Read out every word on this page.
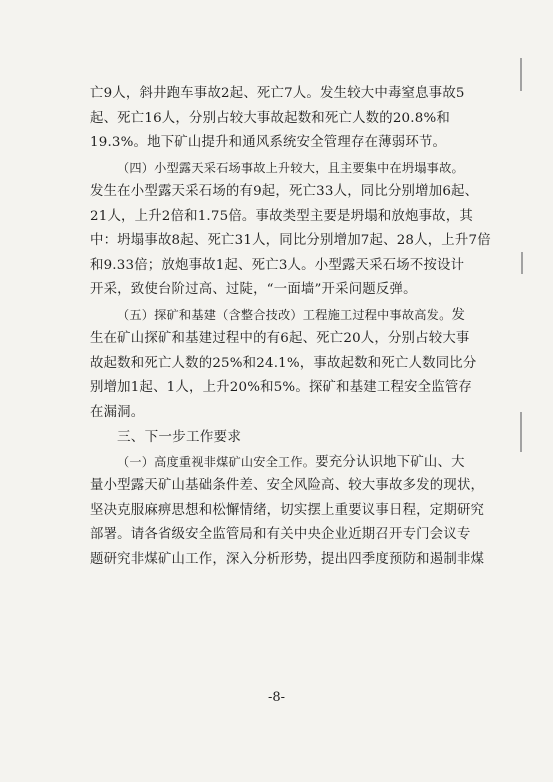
亡9人，斜井跑车事故2起、死亡7人。发生较大中毒窒息事故5
起、死亡16人，分别占较大事故起数和死亡人数的20.8%和
19.3%。地下矿山提升和通风系统安全管理存在薄弱环节。
（四）小型露天采石场事故上升较大，且主要集中在坍塌事故。
发生在小型露天采石场的有9起，死亡33人，同比分别增加6起、
21人，上升2倍和1.75倍。事故类型主要是坍塌和放炮事故，其
中：坍塌事故8起、死亡31人，同比分别增加7起、28人，上升7倍
和9.33倍；放炮事故1起、死亡3人。小型露天采石场不按设计
开采，致使台阶过高、过陡，“一面墙”开采问题反弹。
（五）探矿和基建（含整合技改）工程施工过程中事故高发。发
生在矿山探矿和基建过程中的有6起、死亡20人，分别占较大事
故起数和死亡人数的25%和24.1%，事故起数和死亡人数同比分
别增加1起、1人，上升20%和5%。探矿和基建工程安全监管存
在漏洞。
三、下一步工作要求
（一）高度重视非煤矿山安全工作。要充分认识地下矿山、大
量小型露天矿山基础条件差、安全风险高、较大事故多发的现状，
坚决克服麻痹思想和松懈情绪，切实摆上重要议事日程，定期研究
部署。请各省级安全监管局和有关中央企业近期召开专门会议专
题研究非煤矿山工作，深入分析形势，提出四季度预防和遏制非煤
-8-
